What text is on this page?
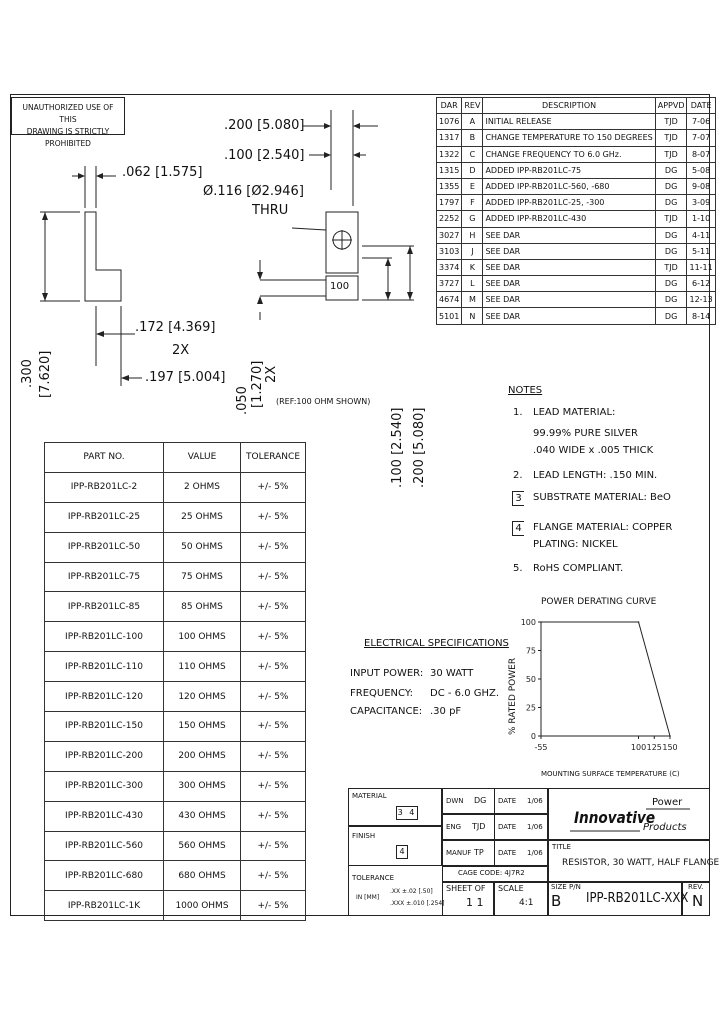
UNAUTHORIZED USE OF THIS
DRAWING IS STRICTLY PROHIBITED
.200 [5.080]
.100 [2.540]
.062 [1.575]
Ø.116 [Ø2.946]
THRU
100
.172 [4.369]
2X
.197 [5.004]
(REF:100 OHM SHOWN)
.300 [7.620]
.050 [1.270] 2X
.100 [2.540] .200 [5.080]
DAR	REV	DESCRIPTION	APPVD	DATE
1076	A	INITIAL RELEASE	TJD	7-06
1317	B	CHANGE TEMPERATURE TO 150 DEGREES	TJD	7-07
1322	C	CHANGE FREQUENCY TO 6.0 GHz.	TJD	8-07
1315	D	ADDED IPP-RB201LC-75	DG	5-08
1355	E	ADDED IPP-RB201LC-560, -680	DG	9-08
1797	F	ADDED IPP-RB201LC-25, -300	DG	3-09
2252	G	ADDED IPP-RB201LC-430	TJD	1-10
3027	H	SEE DAR	DG	4-11
3103	J	SEE DAR	DG	5-11
3374	K	SEE DAR	TJD	11-11
3727	L	SEE DAR	DG	6-12
4674	M	SEE DAR	DG	12-13
5101	N	SEE DAR	DG	8-14
NOTES
1. LEAD MATERIAL:
99.99% PURE SILVER
.040 WIDE x .005 THICK
2. LEAD LENGTH: .150 MIN.
3 SUBSTRATE MATERIAL: BeO
4 FLANGE MATERIAL: COPPER
PLATING: NICKEL
5. RoHS COMPLIANT.
PART NO.	VALUE	TOLERANCE
IPP-RB201LC-2	2 OHMS	+/- 5%
IPP-RB201LC-25	25 OHMS	+/- 5%
IPP-RB201LC-50	50 OHMS	+/- 5%
IPP-RB201LC-75	75 OHMS	+/- 5%
IPP-RB201LC-85	85 OHMS	+/- 5%
IPP-RB201LC-100	100 OHMS	+/- 5%
IPP-RB201LC-110	110 OHMS	+/- 5%
IPP-RB201LC-120	120 OHMS	+/- 5%
IPP-RB201LC-150	150 OHMS	+/- 5%
IPP-RB201LC-200	200 OHMS	+/- 5%
IPP-RB201LC-300	300 OHMS	+/- 5%
IPP-RB201LC-430	430 OHMS	+/- 5%
IPP-RB201LC-560	560 OHMS	+/- 5%
IPP-RB201LC-680	680 OHMS	+/- 5%
IPP-RB201LC-1K	1000 OHMS	+/- 5%
ELECTRICAL SPECIFICATIONS
INPUT POWER: 30 WATT
FREQUENCY: DC - 6.0 GHZ.
CAPACITANCE: .30 pF
POWER DERATING CURVE
% RATED POWER
MOUNTING SURFACE TEMPERATURE (C)
100
75
50
25
0
-55	100 125 150
MATERIAL
3 4
FINISH
4
TOLERANCE
IN [MM]
.XX ±.02 [.50]
.XXX ±.010 [.254]
DWN DG DATE 1/06
ENG TJD DATE 1/06
MANUF TP DATE 1/06
CAGE CODE: 4J7R2
SHEET OF
1 1
SCALE
4:1
Power
Innovative
Products
TITLE
RESISTOR, 30 WATT, HALF FLANGE
SIZE P/N
B IPP-RB201LC-XXX
REV.
N
